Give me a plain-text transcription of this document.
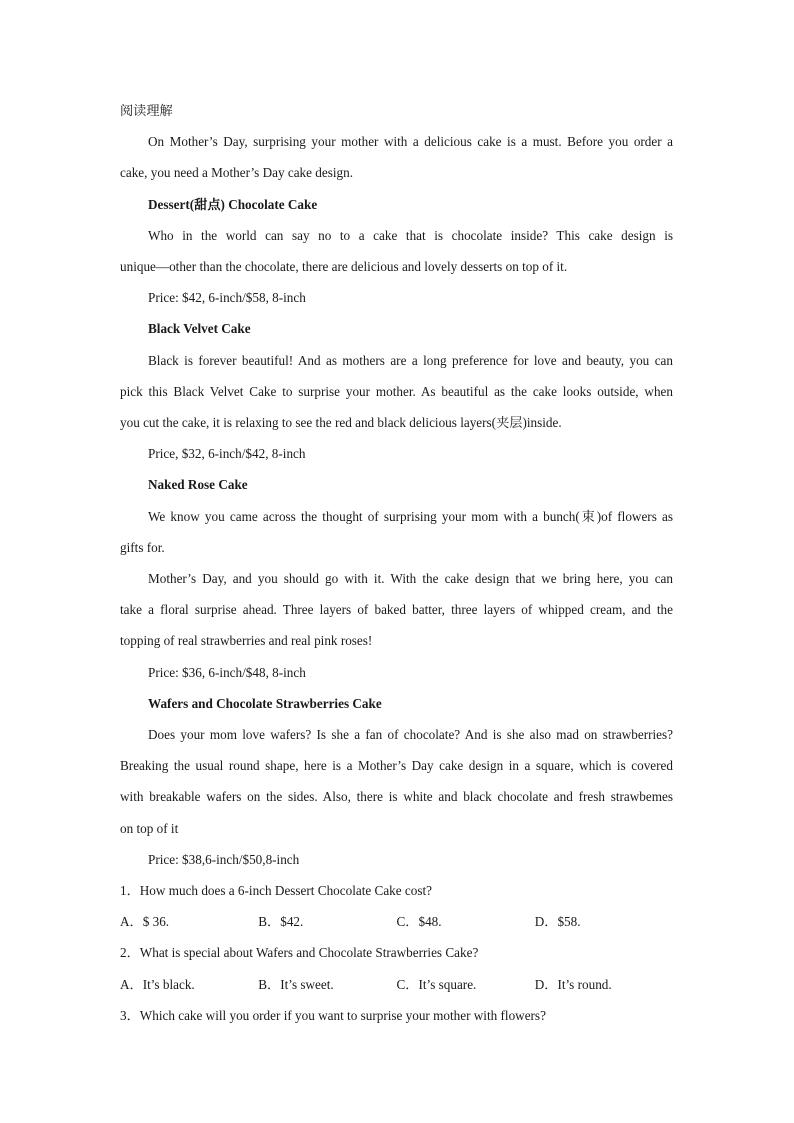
阅读理解

On Mother’s Day, surprising your mother with a delicious cake is a must. Before you order a

cake, you need a Mother’s Day cake design.

Dessert(甜点) Chocolate Cake

Who in the world can say no to a cake that is chocolate inside? This cake design is

unique—other than the chocolate, there are delicious and lovely desserts on top of it.

Price: $42, 6-inch/$58, 8-inch

Black Velvet Cake

Black is forever beautiful! And as mothers are a long preference for love and beauty, you can

pick this Black Velvet Cake to surprise your mother. As beautiful as the cake looks outside, when

you cut the cake, it is relaxing to see the red and black delicious layers(夹层)inside.

Price, $32, 6-inch/$42, 8-inch

Naked Rose Cake

We know you came across the thought of surprising your mom with a bunch(束)of flowers as

gifts for.

Mother’s Day, and you should go with it. With the cake design that we bring here, you can

take a floral surprise ahead. Three layers of baked batter, three layers of whipped cream, and the

topping of real strawberries and real pink roses!

Price: $36, 6-inch/$48, 8-inch

Wafers and Chocolate Strawberries Cake

Does your mom love wafers? Is she a fan of chocolate? And is she also mad on strawberries?

Breaking the usual round shape, here is a Mother’s Day cake design in a square, which is covered

with breakable wafers on the sides. Also, there is white and black chocolate and fresh strawbemes

on top of it

Price: $38,6-inch/$50,8-inch

1．How much does a 6-inch Dessert Chocolate Cake cost?

A．$ 36.	B．$42.	C．$48.	D．$58.

2．What is special about Wafers and Chocolate Strawberries Cake?

A．It’s black.	B．It’s sweet.	C．It’s square.	D．It’s round.

3．Which cake will you order if you want to surprise your mother with flowers?
